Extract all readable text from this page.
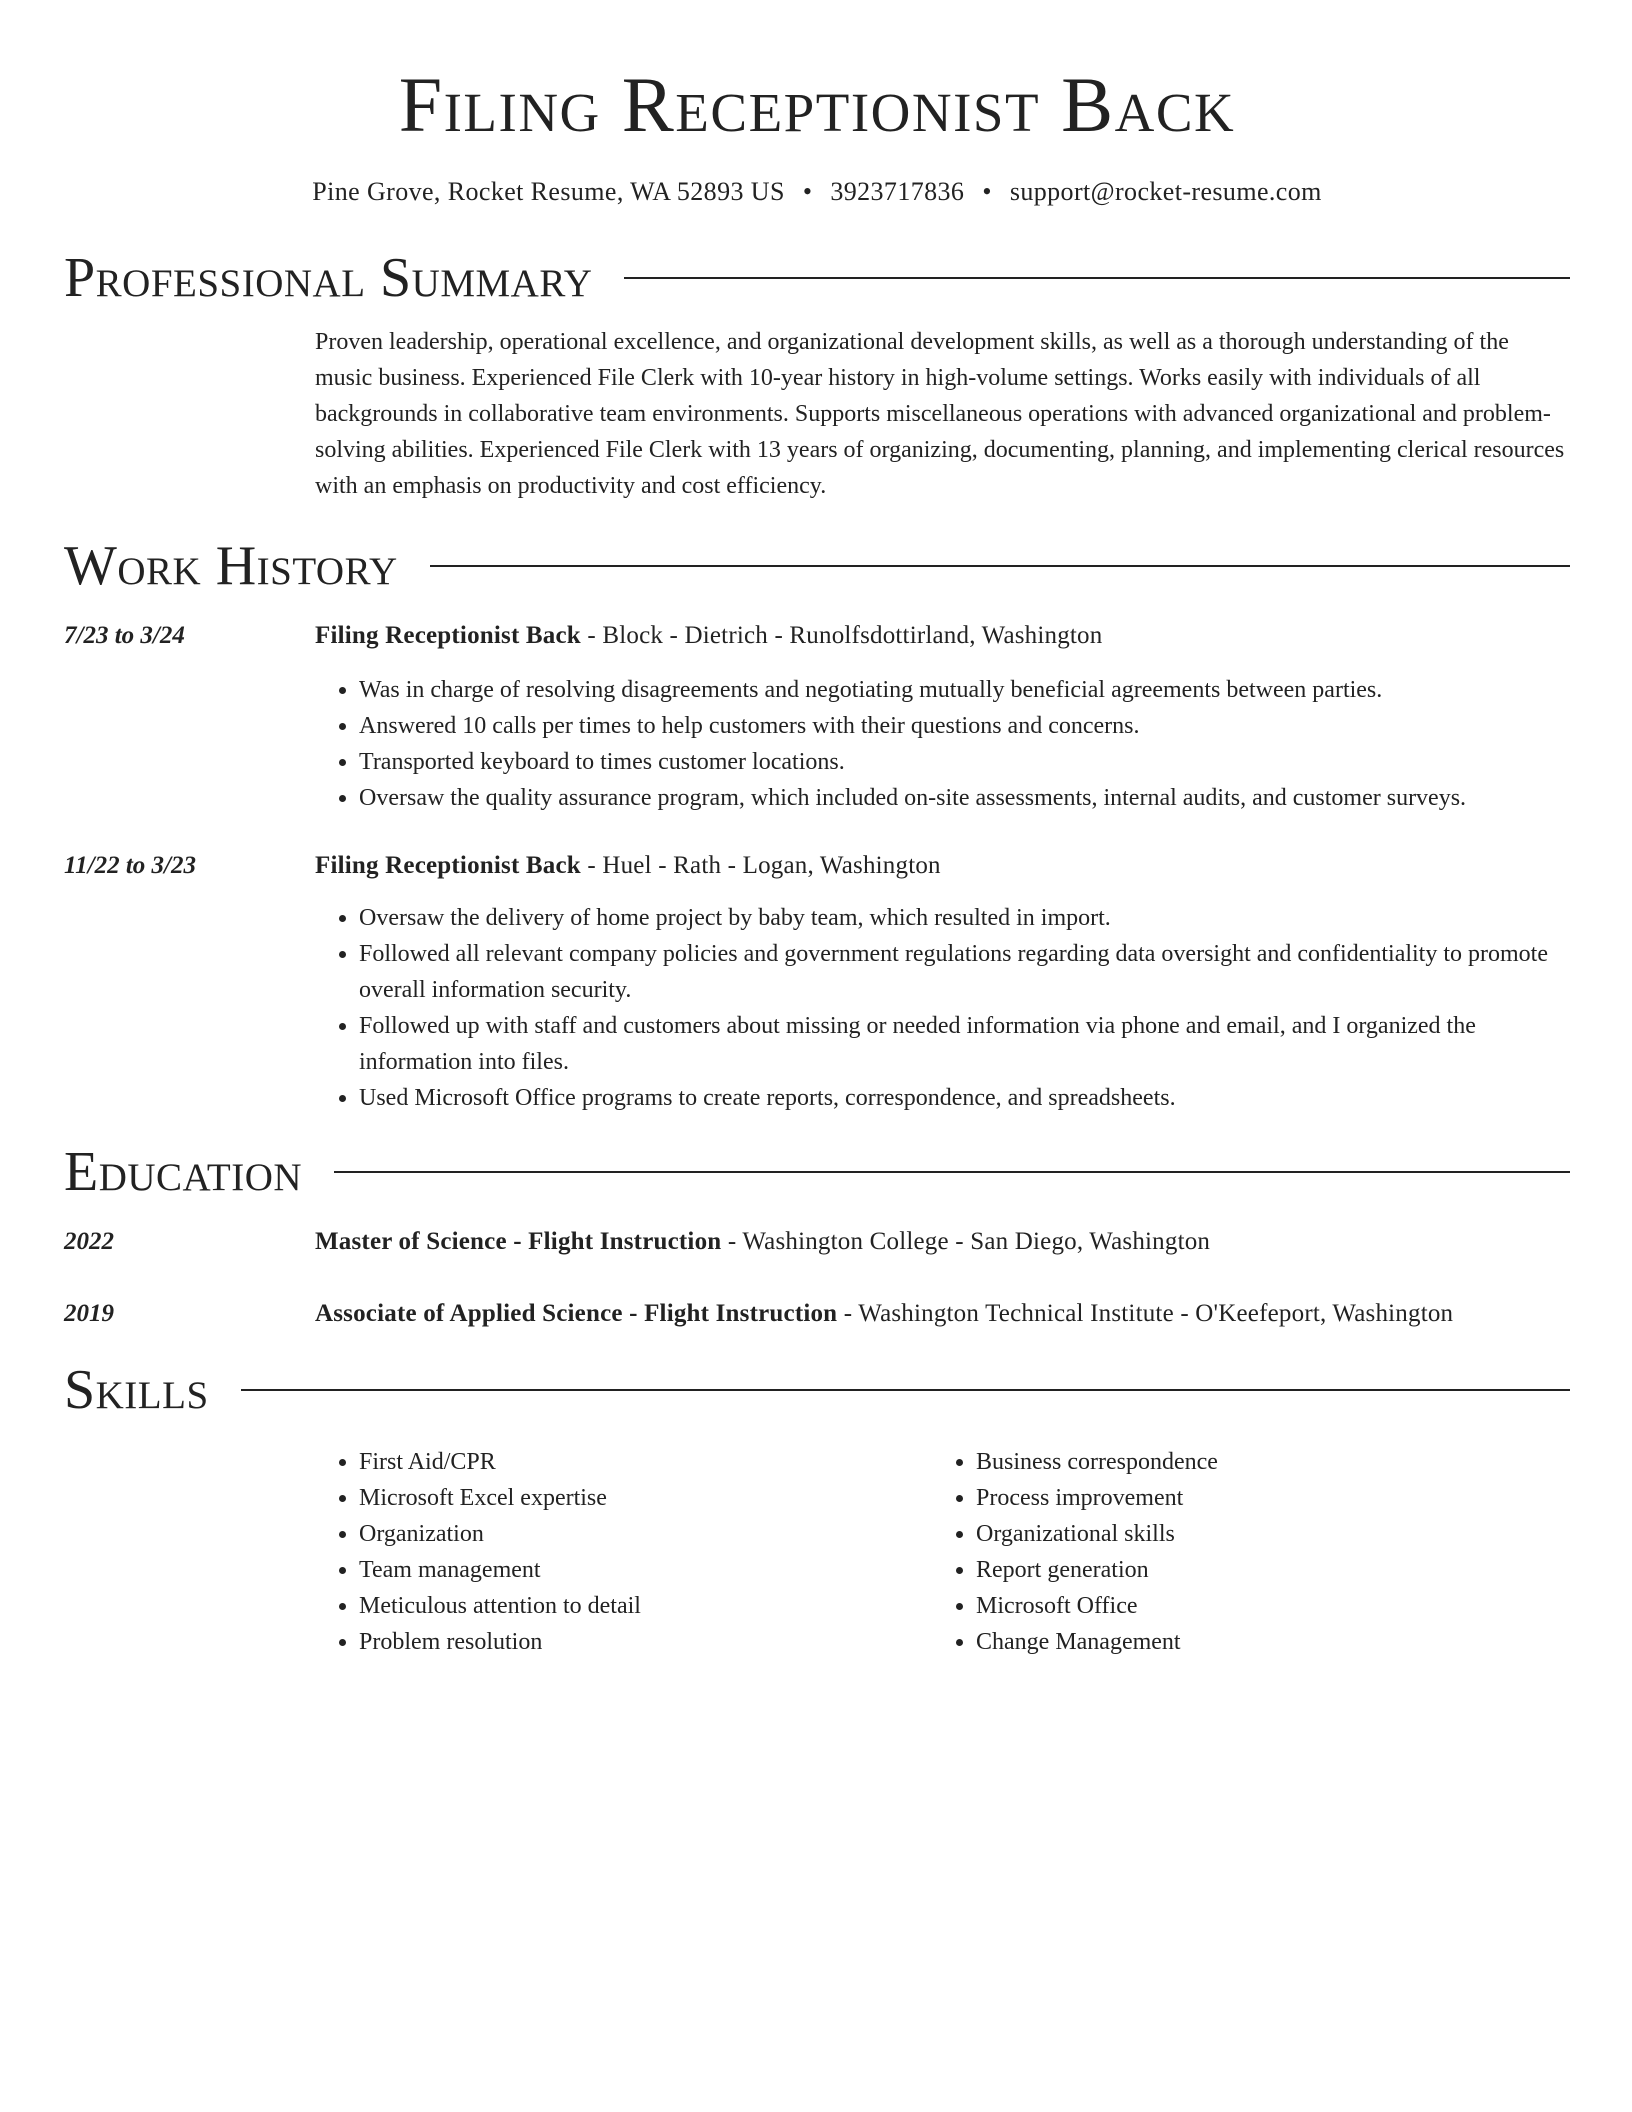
Filing Receptionist Back
Pine Grove, Rocket Resume, WA 52893 US • 3923717836 • support@rocket-resume.com
Professional Summary
Proven leadership, operational excellence, and organizational development skills, as well as a thorough understanding of the music business. Experienced File Clerk with 10-year history in high-volume settings. Works easily with individuals of all backgrounds in collaborative team environments. Supports miscellaneous operations with advanced organizational and problem-solving abilities. Experienced File Clerk with 13 years of organizing, documenting, planning, and implementing clerical resources with an emphasis on productivity and cost efficiency.
Work History
7/23 to 3/24	Filing Receptionist Back - Block - Dietrich - Runolfsdottirland, Washington
• Was in charge of resolving disagreements and negotiating mutually beneficial agreements between parties.
• Answered 10 calls per times to help customers with their questions and concerns.
• Transported keyboard to times customer locations.
• Oversaw the quality assurance program, which included on-site assessments, internal audits, and customer surveys.
11/22 to 3/23	Filing Receptionist Back - Huel - Rath - Logan, Washington
• Oversaw the delivery of home project by baby team, which resulted in import.
• Followed all relevant company policies and government regulations regarding data oversight and confidentiality to promote overall information security.
• Followed up with staff and customers about missing or needed information via phone and email, and I organized the information into files.
• Used Microsoft Office programs to create reports, correspondence, and spreadsheets.
Education
2022	Master of Science - Flight Instruction - Washington College - San Diego, Washington
2019	Associate of Applied Science - Flight Instruction - Washington Technical Institute - O'Keefeport, Washington
Skills
• First Aid/CPR
• Microsoft Excel expertise
• Organization
• Team management
• Meticulous attention to detail
• Problem resolution
• Business correspondence
• Process improvement
• Organizational skills
• Report generation
• Microsoft Office
• Change Management
